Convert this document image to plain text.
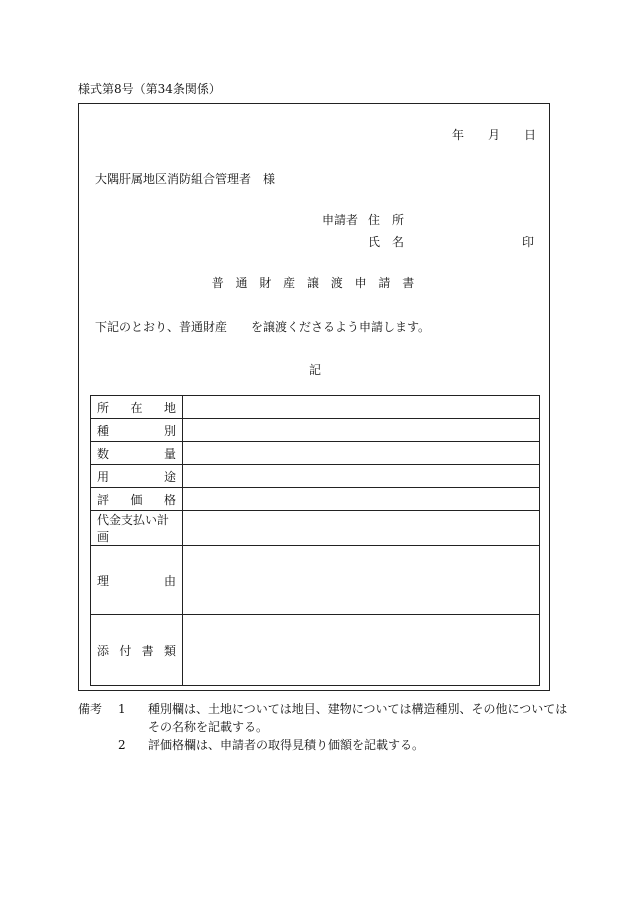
様式第8号（第34条関係）
年 月 日
大隅肝属地区消防組合管理者　様
申請者 住　所
氏　名	印
普 通 財 産 譲 渡 申 請 書
下記のとおり、普通財産　　を譲渡くださるよう申請します。
記
所 在 地	

種 別	

数 量	

用 途	

評 価 格	

代金支払い計画	

理 由	

添 付 書 類	

備考	1	種別欄は、土地については地目、建物については構造種別、その他については
その名称を記載する。
2	評価格欄は、申請者の取得見積り価額を記載する。
